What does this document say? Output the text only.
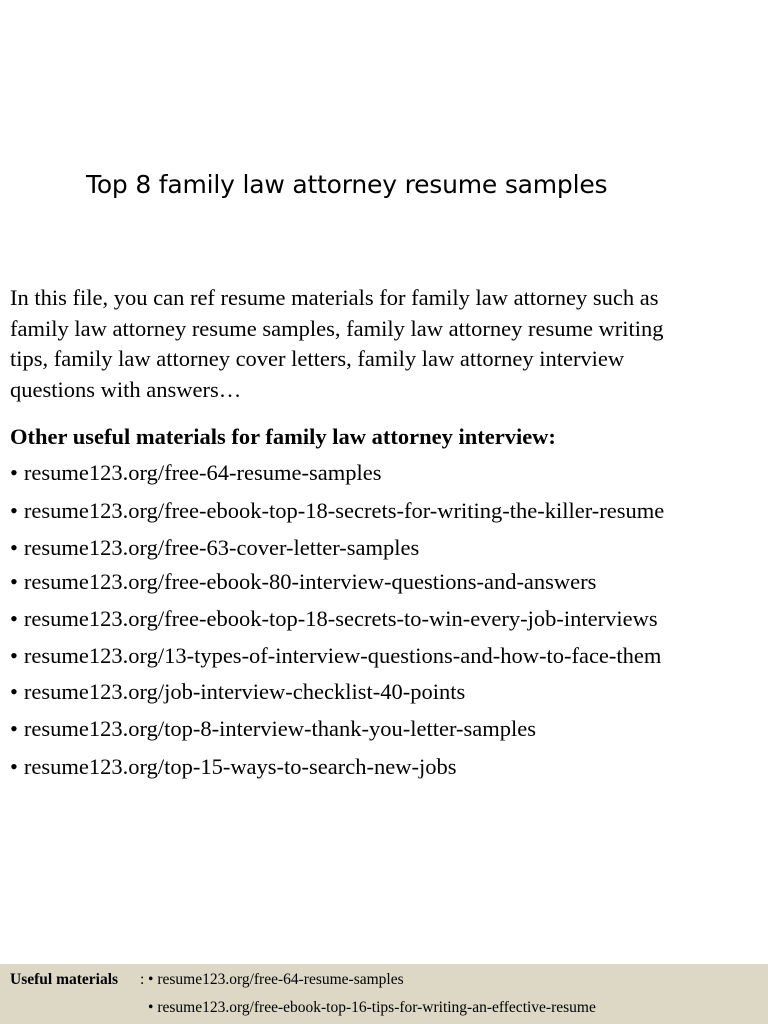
Top 8 family law attorney resume samples
In this file, you can ref resume materials for family law attorney such as
family law attorney resume samples, family law attorney resume writing
tips, family law attorney cover letters, family law attorney interview
questions with answers…
Other useful materials for family law attorney interview:
• resume123.org/free-64-resume-samples
• resume123.org/free-ebook-top-18-secrets-for-writing-the-killer-resume
• resume123.org/free-63-cover-letter-samples
• resume123.org/free-ebook-80-interview-questions-and-answers
• resume123.org/free-ebook-top-18-secrets-to-win-every-job-interviews
• resume123.org/13-types-of-interview-questions-and-how-to-face-them
• resume123.org/job-interview-checklist-40-points
• resume123.org/top-8-interview-thank-you-letter-samples
• resume123.org/top-15-ways-to-search-new-jobs
Useful materials : • resume123.org/free-64-resume-samples
• resume123.org/free-ebook-top-16-tips-for-writing-an-effective-resume
